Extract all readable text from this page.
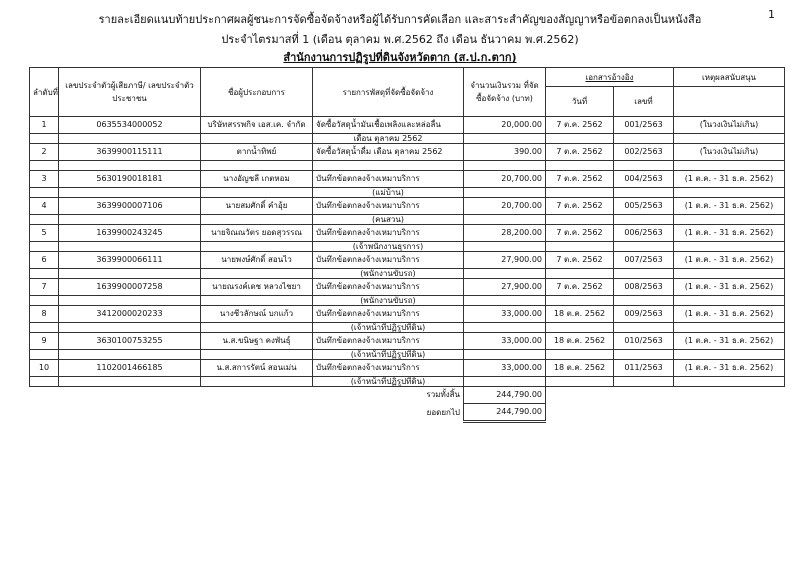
1
รายละเอียดแนบท้ายประกาศผลผู้ชนะการจัดซื้อจัดจ้างหรือผู้ได้รับการคัดเลือก และสาระสำคัญของสัญญาหรือข้อตกลงเป็นหนังสือ
ประจำไตรมาสที่ 1 (เดือน ตุลาคม พ.ศ.2562 ถึง เดือน ธันวาคม พ.ศ.2562)
สำนักงานการปฏิรูปที่ดินจังหวัดตาก (ส.ป.ก.ตาก)
ลำดับที่	เลขประจำตัวผู้เสียภาษี/ เลขประจำตัวประชาชน	ชื่อผู้ประกอบการ	รายการพัสดุที่จัดซื้อจัดจ้าง	จำนวนเงินรวม ที่จัดซื้อจัดจ้าง (บาท)	เอกสารอ้างอิง		เหตุผลสนับสนุน
					วันที่	เลขที่	
1	0635534000052	บริษัทสรรพกิจ เอส.เค. จำกัด	จัดซื้อวัสดุน้ำมันเชื้อเพลิงและหล่อลื่น	20,000.00	7 ต.ค. 2562	001/2563	(ในวงเงินไม่เกิน)
			เดือน ตุลาคม 2562				
2	3639900115111	ตากน้ำทิพย์	จัดซื้อวัสดุน้ำดื่ม เดือน ตุลาคม 2562	390.00	7 ต.ค. 2562	002/2563	(ในวงเงินไม่เกิน)

3	5630190018181	นางอัญชลี เกตหอม	บันทึกข้อตกลงจ้างเหมาบริการ	20,700.00	7 ต.ค. 2562	004/2563	(1 ต.ค. - 31 ธ.ค. 2562)
			(แม่บ้าน)				
4	3639900007106	นายสมศักดิ์ คำอุ้ย	บันทึกข้อตกลงจ้างเหมาบริการ	20,700.00	7 ต.ค. 2562	005/2563	(1 ต.ค. - 31 ธ.ค. 2562)
			(คนสวน)				
5	1639900243245	นายจิณณวัตร ยอดสุวรรณ	บันทึกข้อตกลงจ้างเหมาบริการ	28,200.00	7 ต.ค. 2562	006/2563	(1 ต.ค. - 31 ธ.ค. 2562)
			(เจ้าพนักงานธุรการ)				
6	3639900066111	นายพงษ์ศักดิ์ สอนไว	บันทึกข้อตกลงจ้างเหมาบริการ	27,900.00	7 ต.ค. 2562	007/2563	(1 ต.ค. - 31 ธ.ค. 2562)
			(พนักงานขับรถ)				
7	1639900007258	นายณรงค์เดช หลวงไชยา	บันทึกข้อตกลงจ้างเหมาบริการ	27,900.00	7 ต.ค. 2562	008/2563	(1 ต.ค. - 31 ธ.ค. 2562)
			(พนักงานขับรถ)				
8	3412000020233	นางชีวลักษณ์ บกแก้ว	บันทึกข้อตกลงจ้างเหมาบริการ	33,000.00	18 ต.ค. 2562	009/2563	(1 ต.ค. - 31 ธ.ค. 2562)
			(เจ้าหน้าที่ปฏิรูปที่ดิน)				
9	3630100753255	น.ส.ขนิษฐา คงพันธุ์	บันทึกข้อตกลงจ้างเหมาบริการ	33,000.00	18 ต.ค. 2562	010/2563	(1 ต.ค. - 31 ธ.ค. 2562)
			(เจ้าหน้าที่ปฏิรูปที่ดิน)				
10	1102001466185	น.ส.สการรัตน์ สอนเม่น	บันทึกข้อตกลงจ้างเหมาบริการ	33,000.00	18 ต.ค. 2562	011/2563	(1 ต.ค. - 31 ธ.ค. 2562)
			(เจ้าหน้าที่ปฏิรูปที่ดิน)				
			รวมทั้งสิ้น	244,790.00			
			ยอดยกไป	244,790.00			
